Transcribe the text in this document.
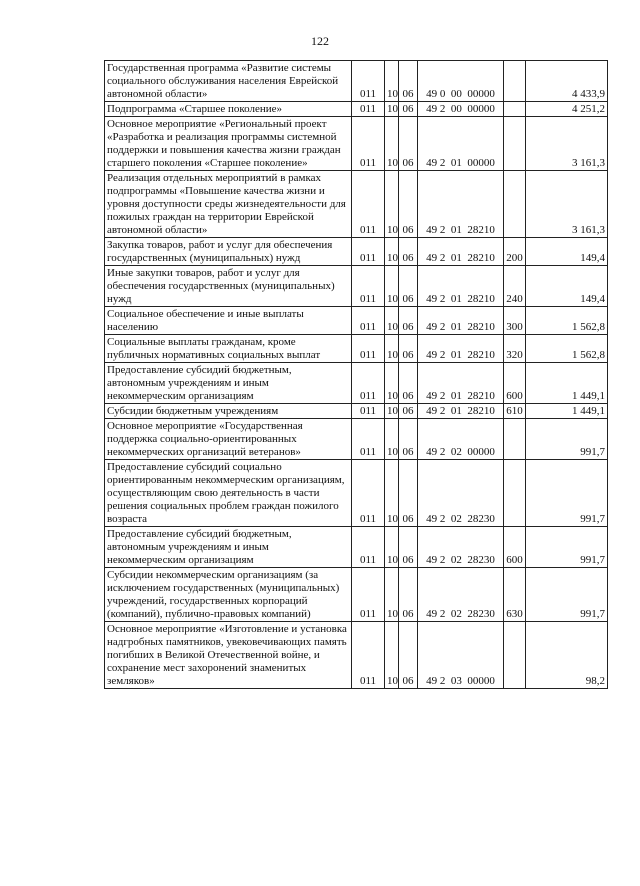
122
Государственная программа «Развитие системы социального обслуживания населения Еврейской автономной области»	011	10	06	49 0  00  00000		4 433,9
Подпрограмма «Старшее поколение»	011	10	06	49 2  00  00000		4 251,2
Основное мероприятие «Региональный проект «Разработка и реализация программы системной поддержки и повышения качества жизни граждан старшего поколения «Старшее поколение»	011	10	06	49 2  01  00000		3 161,3
Реализация отдельных мероприятий в рамках подпрограммы «Повышение качества жизни и уровня доступности среды жизнедеятельности для пожилых граждан на территории Еврейской автономной области»	011	10	06	49 2  01  28210		3 161,3
Закупка товаров, работ и услуг для обеспечения государственных (муниципальных) нужд	011	10	06	49 2  01  28210	200	149,4
Иные закупки товаров, работ и услуг для обеспечения государственных (муниципальных) нужд	011	10	06	49 2  01  28210	240	149,4
Социальное обеспечение и иные выплаты населению	011	10	06	49 2  01  28210	300	1 562,8
Социальные выплаты гражданам, кроме публичных нормативных социальных выплат	011	10	06	49 2  01  28210	320	1 562,8
Предоставление субсидий бюджетным, автономным учреждениям и иным некоммерческим организациям	011	10	06	49 2  01  28210	600	1 449,1
Субсидии бюджетным учреждениям	011	10	06	49 2  01  28210	610	1 449,1
Основное мероприятие «Государственная поддержка социально-ориентированных некоммерческих организаций ветеранов»	011	10	06	49 2  02  00000		991,7
Предоставление субсидий социально ориентированным некоммерческим организациям, осуществляющим свою деятельность в части решения социальных проблем граждан пожилого возраста	011	10	06	49 2  02  28230		991,7
Предоставление субсидий бюджетным, автономным учреждениям и иным некоммерческим организациям	011	10	06	49 2  02  28230	600	991,7
Субсидии некоммерческим организациям (за исключением государственных (муниципальных) учреждений, государственных корпораций (компаний), публично-правовых компаний)	011	10	06	49 2  02  28230	630	991,7
Основное мероприятие «Изготовление и установка надгробных памятников, увековечивающих память погибших в Великой Отечественной войне, и сохранение мест захоронений знаменитых земляков»	011	10	06	49 2  03  00000		98,2
